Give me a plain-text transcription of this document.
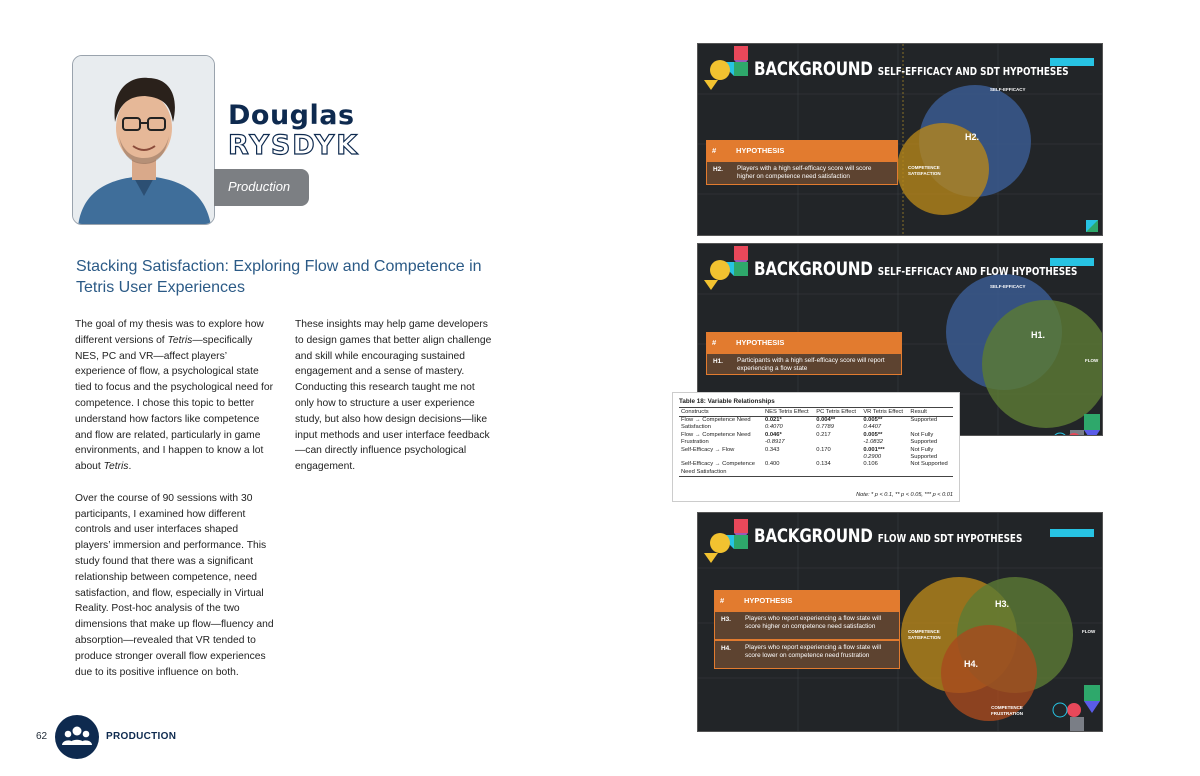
Douglas
RYSDYK
Production
Stacking Satisfaction: Exploring Flow and Competence in Tetris User Experiences

The goal of my thesis was to explore how different versions of Tetris—specifically NES, PC and VR—affect players’ experience of flow, a psychological state tied to focus and the psychological need for competence. I chose this topic to better understand how factors like competence and flow are related, particularly in game environments, and I happen to know a lot about Tetris.

Over the course of 90 sessions with 30 participants, I examined how different controls and user interfaces shaped players’ immersion and performance. This study found that there was a significant relationship between competence, need satisfaction, and flow, especially in Virtual Reality. Post-hoc analysis of the two dimensions that make up flow—fluency and absorption—revealed that VR tended to produce stronger overall flow experiences due to its positive influence on both.

These insights may help game developers to design games that better align challenge and skill while encouraging sustained engagement and a sense of mastery. Conducting this research taught me not only how to structure a user experience study, but also how design decisions—like input methods and user interface feedback—can directly influence psychological engagement.

62	PRODUCTION
BACKGROUND SELF-EFFICACY AND SDT HYPOTHESES
#	HYPOTHESIS
H2. Players with a high self-efficacy score will score higher on competence need satisfaction
H2.
SELF-EFFICACY
COMPETENCE SATISFACTION
BACKGROUND SELF-EFFICACY AND FLOW HYPOTHESES
#	HYPOTHESIS
H1. Participants with a high self-efficacy score will report experiencing a flow state
H1.
SELF-EFFICACY
FLOW
Table 18: Variable Relationships
Constructs	NES Tetris Effect	PC Tetris Effect	VR Tetris Effect	Result
Flow → Competence Need	0.021*	0.004**	0.005**	Supported
Satisfaction	0.4070	0.7789	0.4407	
Flow → Competence Need	0.046*	0.217	0.005**	Not Fully
Frustration	-0.8917		-1.0832	Supported
Self-Efficacy → Flow	0.343	0.170	0.001***	Not Fully
			0.2900	Supported
Self-Efficacy → Competence	0.400	0.134	0.106	Not Supported
Need Satisfaction				
Note: * p < 0.1, ** p < 0.05, *** p < 0.01
BACKGROUND FLOW AND SDT HYPOTHESES
#	HYPOTHESIS
H3. Players who report experiencing a flow state will score higher on competence need satisfaction
H4. Players who report experiencing a flow state will score lower on competence need frustration
H3.
H4.
COMPETENCE SATISFACTION
FLOW
COMPETENCE FRUSTRATION
